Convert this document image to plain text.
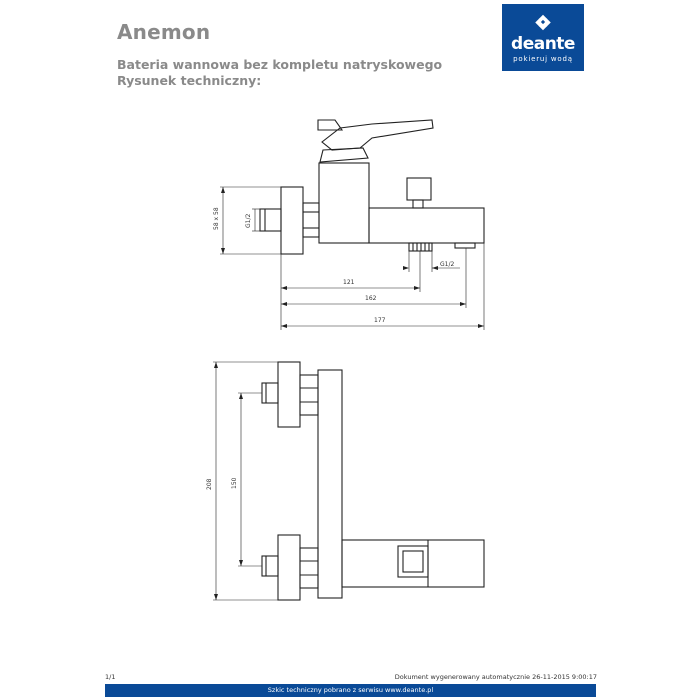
Anemon
Bateria wannowa bez kompletu natryskowego
Rysunek techniczny:
deante
pokieruj wodą
58 x 58	G1/2
G1/2
121
162
177
208	150
1/1	Dokument wygenerowany automatycznie 26-11-2015 9:00:17
Szkic techniczny pobrano z serwisu www.deante.pl
